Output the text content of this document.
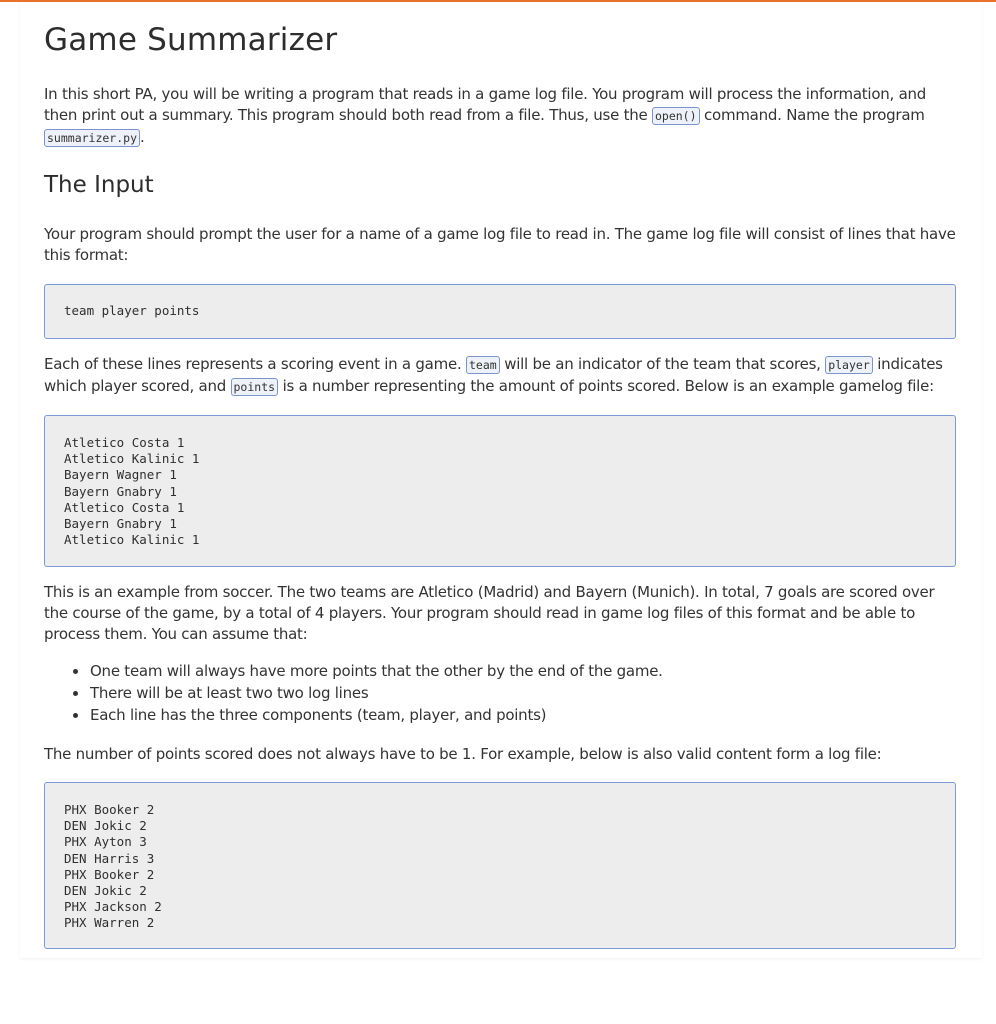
Game Summarizer

In this short PA, you will be writing a program that reads in a game log file. You program will process the information, and then print out a summary. This program should both read from a file. Thus, use the open() command. Name the program summarizer.py .

The Input

Your program should prompt the user for a name of a game log file to read in. The game log file will consist of lines that have this format:

team player points

Each of these lines represents a scoring event in a game. team will be an indicator of the team that scores, player indicates which player scored, and points is a number representing the amount of points scored. Below is an example gamelog file:

Atletico Costa 1
Atletico Kalinic 1
Bayern Wagner 1
Bayern Gnabry 1
Atletico Costa 1
Bayern Gnabry 1
Atletico Kalinic 1

This is an example from soccer. The two teams are Atletico (Madrid) and Bayern (Munich). In total, 7 goals are scored over the course of the game, by a total of 4 players. Your program should read in game log files of this format and be able to process them. You can assume that:

One team will always have more points that the other by the end of the game.
There will be at least two two log lines
Each line has the three components (team, player, and points)

The number of points scored does not always have to be 1. For example, below is also valid content form a log file:

PHX Booker 2
DEN Jokic 2
PHX Ayton 3
DEN Harris 3
PHX Booker 2
DEN Jokic 2
PHX Jackson 2
PHX Warren 2
